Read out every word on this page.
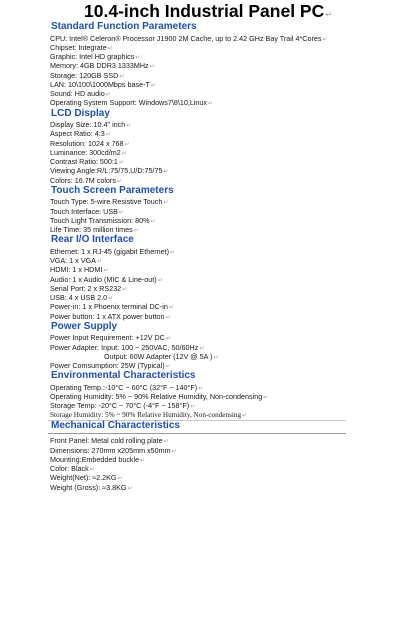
10.4-inch Industrial Panel PC↵
Standard Function Parameters
CPU: Intel® Celeron® Processor J1900 2M Cache, up to 2.42 GHz Bay Trail 4*Cores↵
Chipset: Integrate↵
Graphic: Intel HD graphics↵
Memory: 4GB DDR3 1333MHz↵
Storage: 120GB SSD↵
LAN: 10\100\1000Mbps base-T↵
Sound: HD audio↵
Operating System Support: Windows7\8\10,Linux↵
LCD Display
Display Size: 10.4" inch↵
Aspect Ratio: 4:3↵
Resolution: 1024 x 768↵
Luminance: 300cd/m2↵
Contrast Ratio: 500:1↵
Viewing Angle:R/L:75/75,U/D:75/75↵
Colors: 16.7M colors↵
Touch Screen Parameters
Touch Type: 5-wire Resistive Touch↵
Touch Interface: USB↵
Touch Light Transmission: 80%↵
Life Time: 35 million times↵
Rear I/O Interface
Ethernet: 1 x RJ-45 (gigabit Ethernet)↵
VGA: 1 x VGA↵
HDMI: 1 x HDMI↵
Audio: 1 x Audio (MIC & Line-out)↵
Serial Port: 2 x RS232↵
USB: 4 x USB 2.0↵
Power-in: 1 x Phoenix terminal DC-in↵
Power button: 1 x ATX power button↵
Power Supply
Power Input Requirement: +12V DC↵
Power Adapter: Input: 100 ~ 250VAC, 50/60Hz↵
Output: 60W Adapter (12V @ 5A )↵
Power Comsumption: 25W (Typical)↵
Environmental Characteristics
Operating Temp.:-10°C ~ 60°C (32°F ~ 140°F)↵
Operating Humidity: 5% ~ 90% Relative Humidity, Non-condensing↵
Storage Temp: -20°C ~ 70°C (-4°F ~ 158°F)↵
Storage Humidity: 5% ~ 90% Relative Humidity, Non-condensing↵
Mechanical Characteristics
Front Panel: Metal cold rolling plate↵
Dimensions: 270mm x205mm x50mm↵
Mounting:Embedded buckle↵
Color: Black↵
Weight(Net): ≈2.2KG↵
Weight (Gross): ≈3.8KG↵
